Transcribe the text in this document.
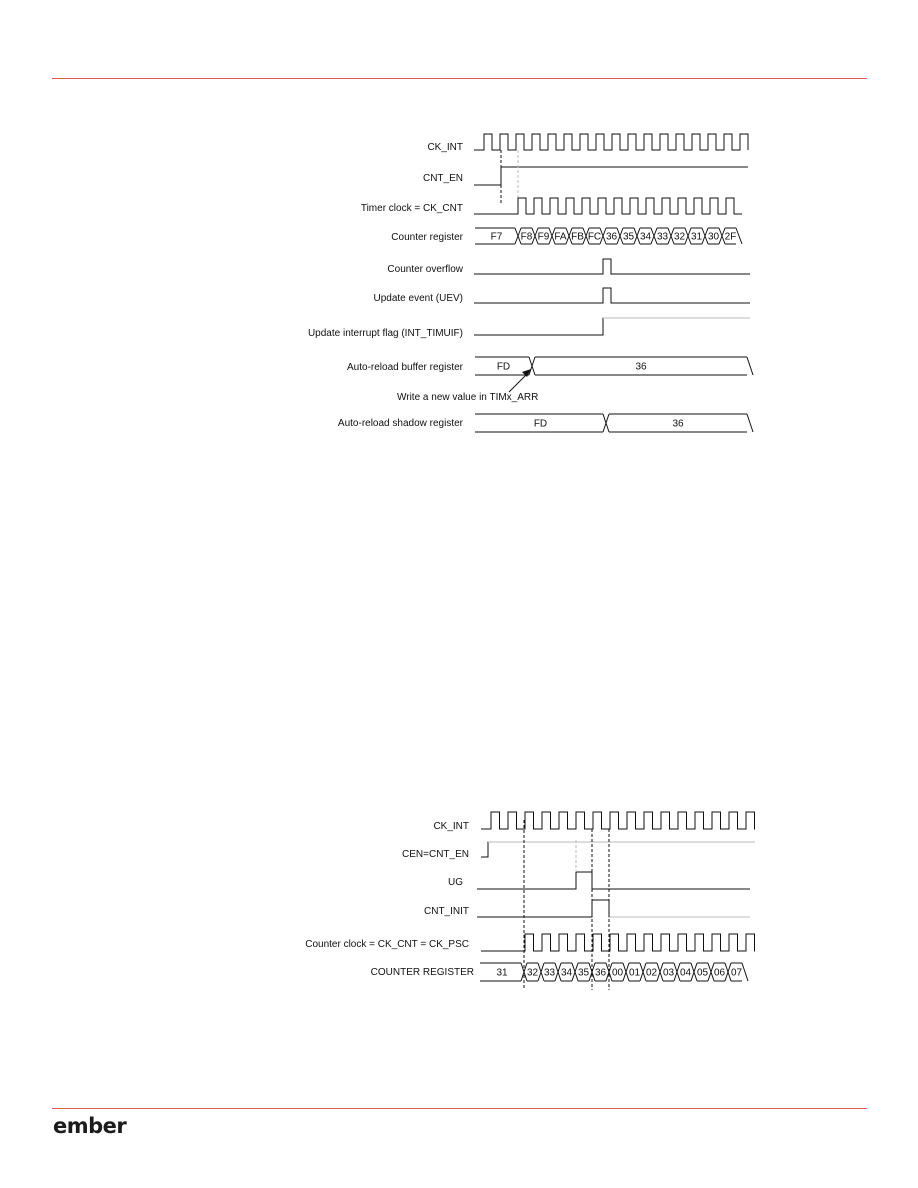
CK_INT
CNT_EN
Timer clock = CK_CNT
Counter register
Counter overflow
Update event (UEV)
Update interrupt flag (INT_TIMUIF)
Auto-reload buffer register
Auto-reload shadow register
Write a new value in TIMx_ARR
F7 F8 F9 FA FB FC 36 35 34 33 32 31 30 2F
FD	36
FD	36
CK_INT
CEN=CNT_EN
UG
CNT_INIT
Counter clock = CK_CNT = CK_PSC
COUNTER REGISTER 31 32 33 34 35 36 00 01 02 03 04 05 06 07
ember
